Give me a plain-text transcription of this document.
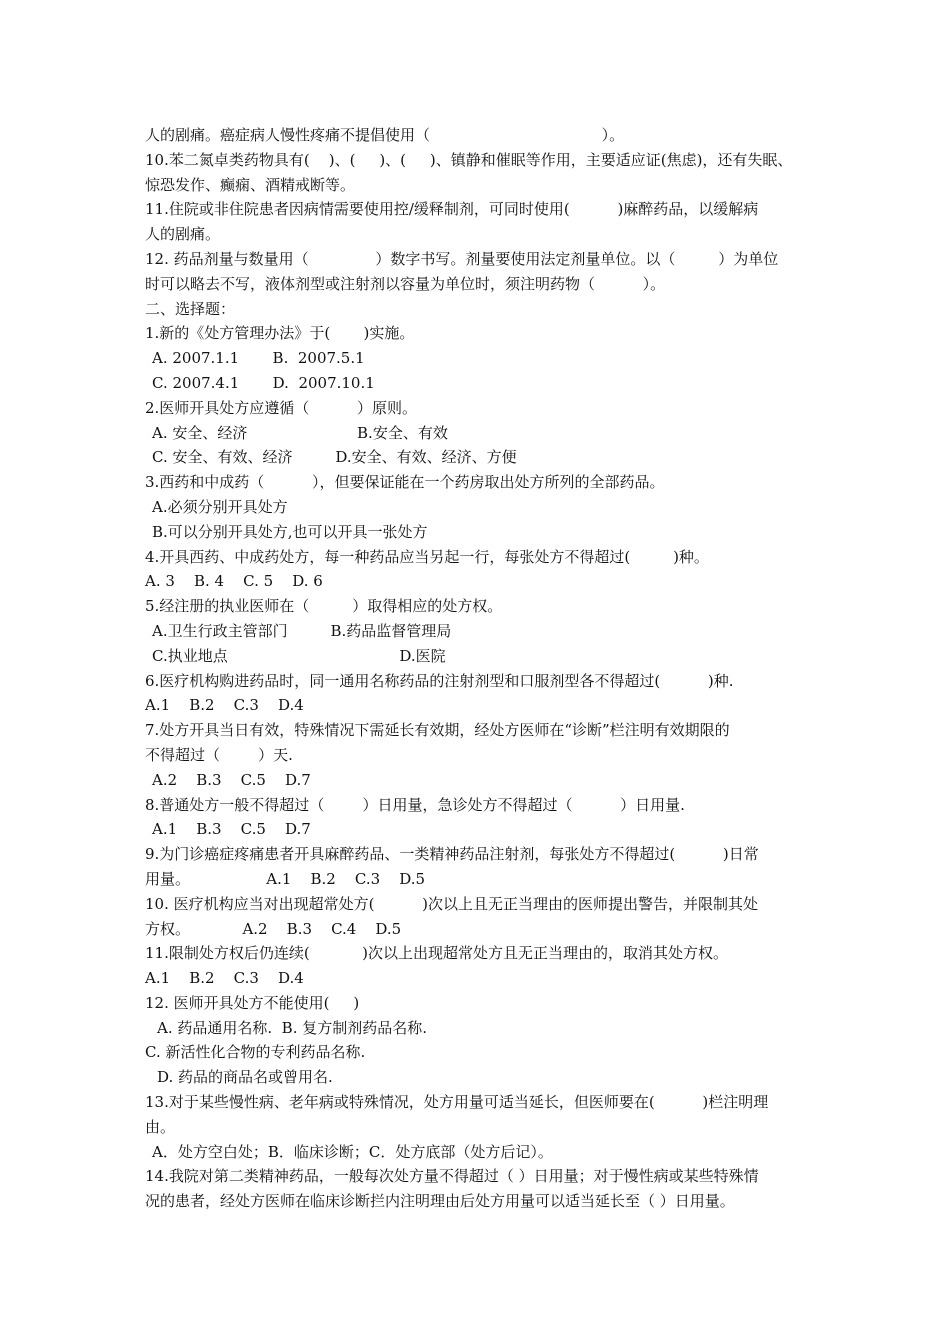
人的剧痛。癌症病人慢性疼痛不提倡使用（                                    ）。
10.苯二氮卓类药物具有(    )、(     )、(     )、镇静和催眠等作用，主要适应证(焦虑)，还有失眠、
惊恐发作、癫痫、酒精戒断等。
11.住院或非住院患者因病情需要使用控/缓释制剂，可同时使用(          )麻醉药品，以缓解病
人的剧痛。
12. 药品剂量与数量用（              ）数字书写。剂量要使用法定剂量单位。以（         ）为单位
时可以略去不写，液体剂型或注射剂以容量为单位时，须注明药物（          ）。
二、选择题：
1.新的《处方管理办法》于(       )实施。
A. 2007.1.1       B.  2007.5.1
C. 2007.4.1       D.  2007.10.1
2.医师开具处方应遵循（          ）原则。
A. 安全、经济                       B.安全、有效
C. 安全、有效、经济         D.安全、有效、经济、方便
3.西药和中成药（          ），但要保证能在一个药房取出处方所列的全部药品。
A.必须分别开具处方
B.可以分别开具处方,也可以开具一张处方
4.开具西药、中成药处方，每一种药品应当另起一行，每张处方不得超过(         )种。
A. 3    B. 4    C. 5    D. 6
5.经注册的执业医师在（         ）取得相应的处方权。
A.卫生行政主管部门         B.药品监督管理局
C.执业地点                                    D.医院
6.医疗机构购进药品时，同一通用名称药品的注射剂型和口服剂型各不得超过(          )种.
A.1    B.2    C.3    D.4
7.处方开具当日有效，特殊情况下需延长有效期，经处方医师在“诊断”栏注明有效期限的
不得超过（        ）天.
A.2    B.3    C.5    D.7
8.普通处方一般不得超过（        ）日用量，急诊处方不得超过（          ）日用量.
A.1    B.3    C.5    D.7
9.为门诊癌症疼痛患者开具麻醉药品、一类精神药品注射剂，每张处方不得超过(          )日常
用量。                A.1    B.2    C.3    D.5
10. 医疗机构应当对出现超常处方(          )次以上且无正当理由的医师提出警告，并限制其处
方权。           A.2    B.3    C.4    D.5
11.限制处方权后仍连续(           )次以上出现超常处方且无正当理由的，取消其处方权。
A.1    B.2    C.3    D.4
12. 医师开具处方不能使用(     )
A. 药品通用名称.  B. 复方制剂药品名称.
C. 新活性化合物的专利药品名称.
D. 药品的商品名或曾用名.
13.对于某些慢性病、老年病或特殊情况，处方用量可适当延长，但医师要在(          )栏注明理
由。
A．处方空白处；B．临床诊断；C．处方底部（处方后记）。
14.我院对第二类精神药品，一般每次处方量不得超过（ ）日用量；对于慢性病或某些特殊情
况的患者，经处方医师在临床诊断拦内注明理由后处方用量可以适当延长至（ ）日用量。
